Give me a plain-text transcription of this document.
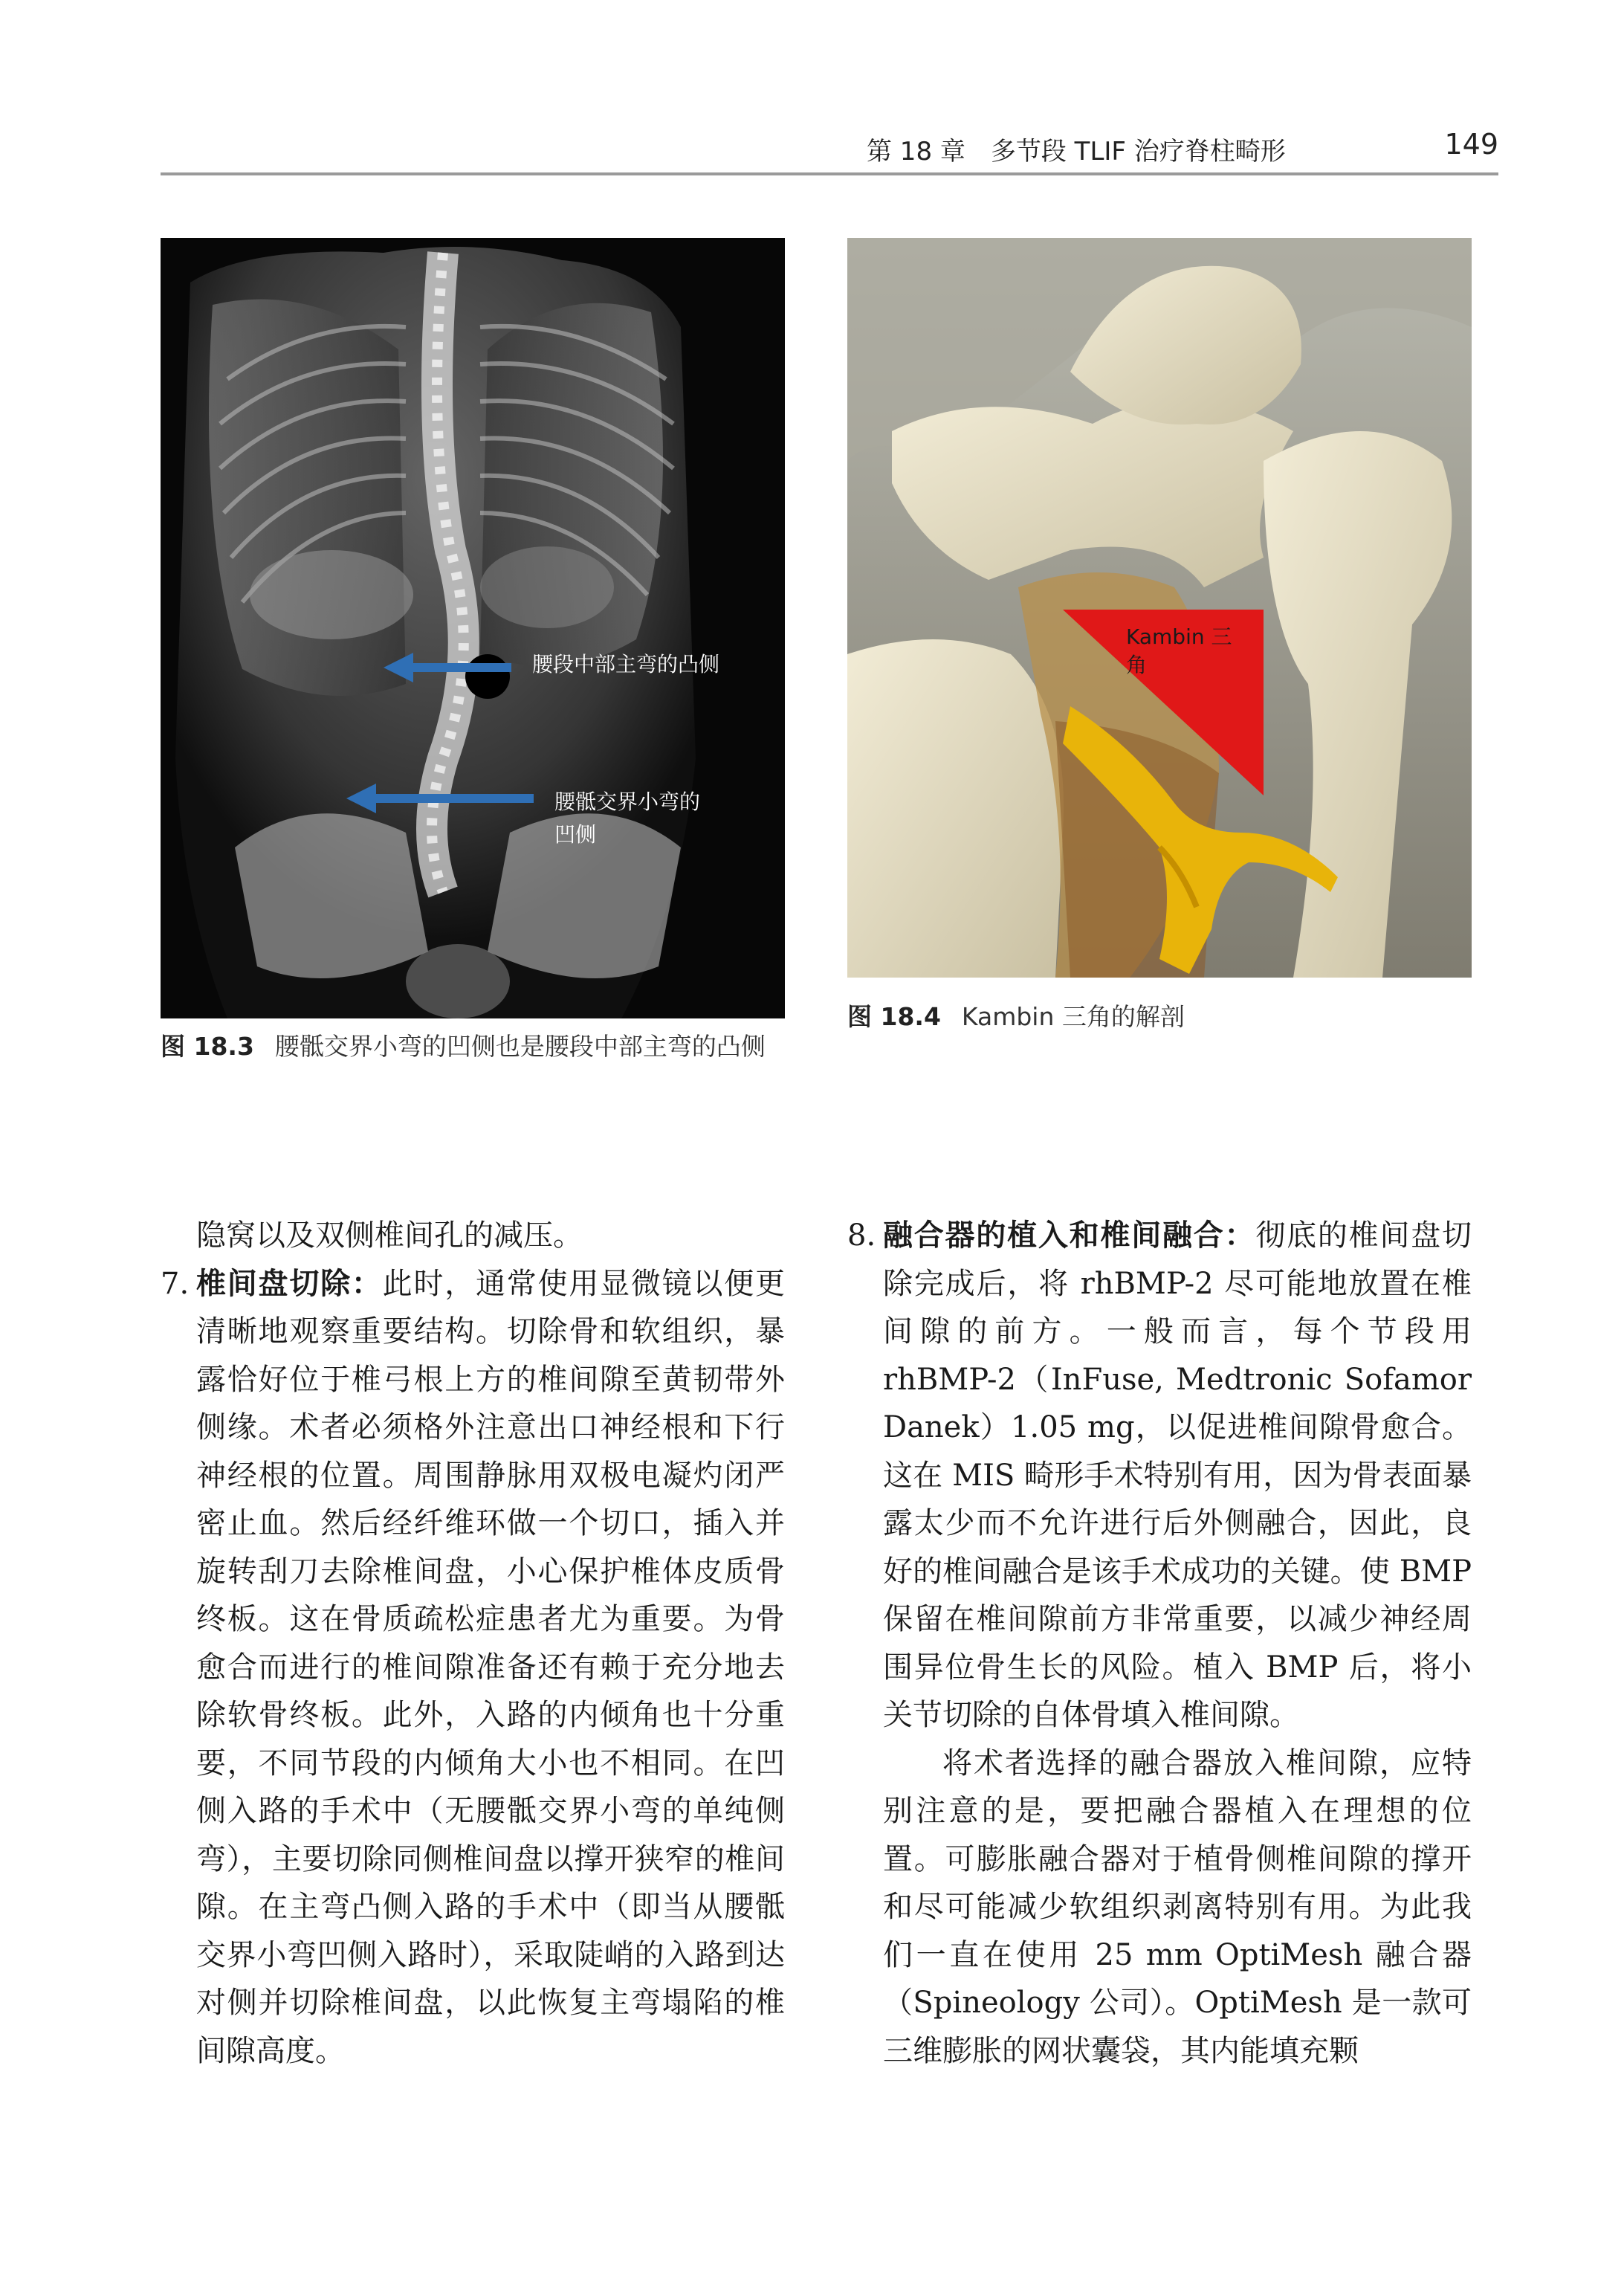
第 18 章　多节段 TLIF 治疗脊柱畸形	149
腰段中部主弯的凸侧
腰骶交界小弯的凹侧
Kambin 三角
图 18.3 腰骶交界小弯的凹侧也是腰段中部主弯的凸侧
图 18.4 Kambin 三角的解剖

隐窝以及双侧椎间孔的减压。

7. 椎间盘切除：此时，通常使用显微镜以便更清晰地观察重要结构。切除骨和软组织，暴露恰好位于椎弓根上方的椎间隙至黄韧带外侧缘。术者必须格外注意出口神经根和下行神经根的位置。周围静脉用双极电凝灼闭严密止血。然后经纤维环做一个切口，插入并旋转刮刀去除椎间盘，小心保护椎体皮质骨终板。这在骨质疏松症患者尤为重要。为骨愈合而进行的椎间隙准备还有赖于充分地去除软骨终板。此外，入路的内倾角也十分重要，不同节段的内倾角大小也不相同。在凹侧入路的手术中（无腰骶交界小弯的单纯侧弯），主要切除同侧椎间盘以撑开狭窄的椎间隙。在主弯凸侧入路的手术中（即当从腰骶交界小弯凹侧入路时），采取陡峭的入路到达对侧并切除椎间盘，以此恢复主弯塌陷的椎间隙高度。

8. 融合器的植入和椎间融合：彻底的椎间盘切除完成后，将 rhBMP-2 尽可能地放置在椎间隙的前方。一般而言，每个节段用 rhBMP-2（InFuse, Medtronic Sofamor Danek）1.05 mg，以促进椎间隙骨愈合。这在 MIS 畸形手术特别有用，因为骨表面暴露太少而不允许进行后外侧融合，因此，良好的椎间融合是该手术成功的关键。使 BMP 保留在椎间隙前方非常重要，以减少神经周围异位骨生长的风险。植入 BMP 后，将小关节切除的自体骨填入椎间隙。

将术者选择的融合器放入椎间隙，应特别注意的是，要把融合器植入在理想的位置。可膨胀融合器对于植骨侧椎间隙的撑开和尽可能减少软组织剥离特别有用。为此我们一直在使用 25 mm OptiMesh 融合器（Spineology 公司）。OptiMesh 是一款可三维膨胀的网状囊袋，其内能填充颗
